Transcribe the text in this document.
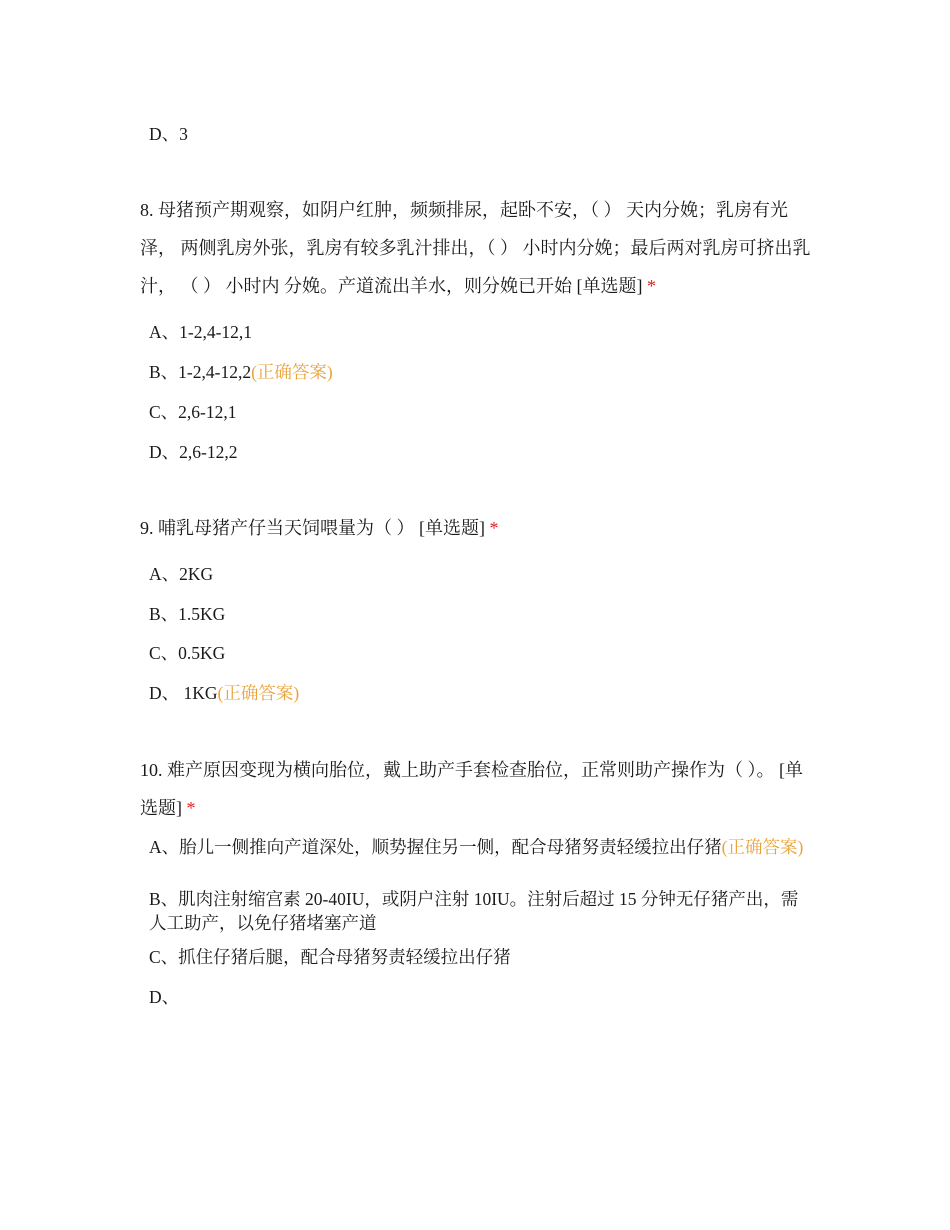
D、3
8. 母猪预产期观察，如阴户红肿，频频排尿，起卧不安，（ ） 天内分娩；乳房有光泽， 两侧乳房外张，乳房有较多乳汁排出，（ ） 小时内分娩；最后两对乳房可挤出乳汁， （ ） 小时内 分娩。产道流出羊水，则分娩已开始 [单选题] *
A、1-2,4-12,1
B、1-2,4-12,2(正确答案)
C、2,6-12,1
D、2,6-12,2
9. 哺乳母猪产仔当天饲喂量为（ ） [单选题] *
A、2KG
B、1.5KG
C、0.5KG
D、 1KG(正确答案)
10. 难产原因变现为横向胎位，戴上助产手套检查胎位，正常则助产操作为（ ）。 [单选题] *
A、胎儿一侧推向产道深处，顺势握住另一侧，配合母猪努责轻缓拉出仔猪(正确答案)
B、肌肉注射缩宫素 20-40IU，或阴户注射 10IU。注射后超过 15 分钟无仔猪产出，需人工助产，以免仔猪堵塞产道
C、抓住仔猪后腿，配合母猪努责轻缓拉出仔猪
D、
